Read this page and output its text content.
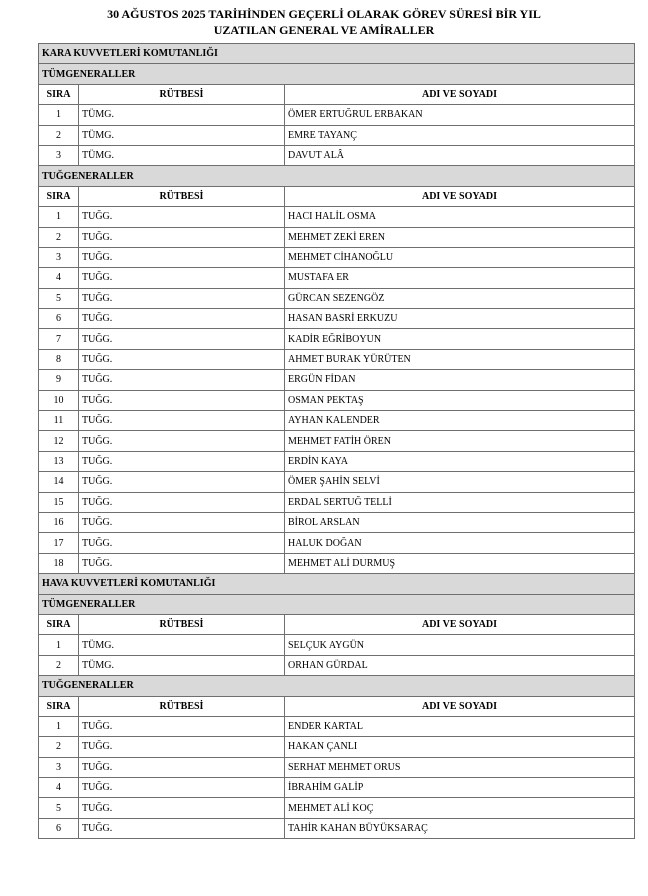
30 AĞUSTOS 2025 TARİHİNDEN GEÇERLİ OLARAK GÖREV SÜRESİ BİR YIL
UZATILAN GENERAL VE AMİRALLER
KARA KUVVETLERİ KOMUTANLIĞI		
TÜMGENERALLER		
SIRA	RÜTBESİ	ADI VE SOYADI
1	TÜMG.	ÖMER ERTUĞRUL ERBAKAN
2	TÜMG.	EMRE TAYANÇ
3	TÜMG.	DAVUT ALÂ
TUĞGENERALLER		
SIRA	RÜTBESİ	ADI VE SOYADI
1	TUĞG.	HACI HALİL OSMA
2	TUĞG.	MEHMET ZEKİ EREN
3	TUĞG.	MEHMET CİHANOĞLU
4	TUĞG.	MUSTAFA ER
5	TUĞG.	GÜRCAN SEZENGÖZ
6	TUĞG.	HASAN BASRİ ERKUZU
7	TUĞG.	KADİR EĞRİBOYUN
8	TUĞG.	AHMET BURAK YÜRÜTEN
9	TUĞG.	ERGÜN FİDAN
10	TUĞG.	OSMAN PEKTAŞ
11	TUĞG.	AYHAN KALENDER
12	TUĞG.	MEHMET FATİH ÖREN
13	TUĞG.	ERDİN KAYA
14	TUĞG.	ÖMER ŞAHİN SELVİ
15	TUĞG.	ERDAL SERTUĞ TELLİ
16	TUĞG.	BİROL ARSLAN
17	TUĞG.	HALUK DOĞAN
18	TUĞG.	MEHMET ALİ DURMUŞ
HAVA KUVVETLERİ KOMUTANLIĞI		
TÜMGENERALLER		
SIRA	RÜTBESİ	ADI VE SOYADI
1	TÜMG.	SELÇUK AYGÜN
2	TÜMG.	ORHAN GÜRDAL
TUĞGENERALLER		
SIRA	RÜTBESİ	ADI VE SOYADI
1	TUĞG.	ENDER KARTAL
2	TUĞG.	HAKAN ÇANLI
3	TUĞG.	SERHAT MEHMET ORUS
4	TUĞG.	İBRAHİM GALİP
5	TUĞG.	MEHMET ALİ KOÇ
6	TUĞG.	TAHİR KAHAN BÜYÜKSARAÇ
